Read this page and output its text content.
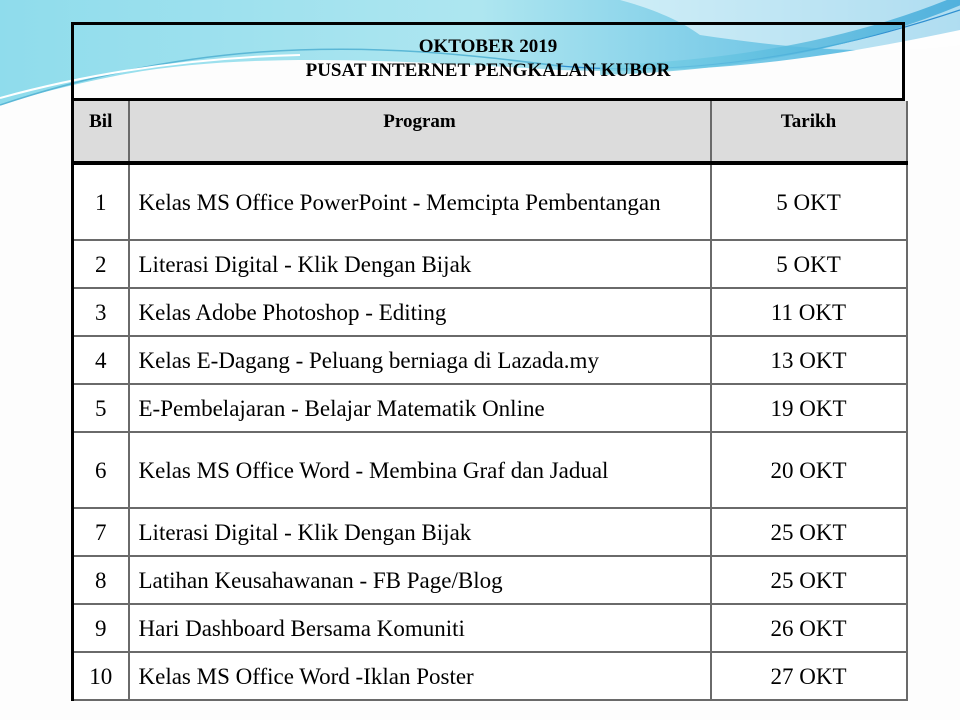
OKTOBER 2019
PUSAT INTERNET PENGKALAN KUBOR
Bil	Program	Tarikh
1	Kelas MS Office PowerPoint - Memcipta Pembentangan	5 OKT
2	Literasi Digital - Klik Dengan Bijak	5 OKT
3	Kelas Adobe Photoshop - Editing	11 OKT
4	Kelas E-Dagang - Peluang berniaga di Lazada.my	13 OKT
5	E-Pembelajaran - Belajar Matematik Online	19 OKT
6	Kelas MS Office Word - Membina Graf dan Jadual	20 OKT
7	Literasi Digital - Klik Dengan Bijak	25 OKT
8	Latihan Keusahawanan - FB Page/Blog	25 OKT
9	Hari Dashboard Bersama Komuniti	26 OKT
10	Kelas MS Office Word -Iklan Poster	27 OKT
